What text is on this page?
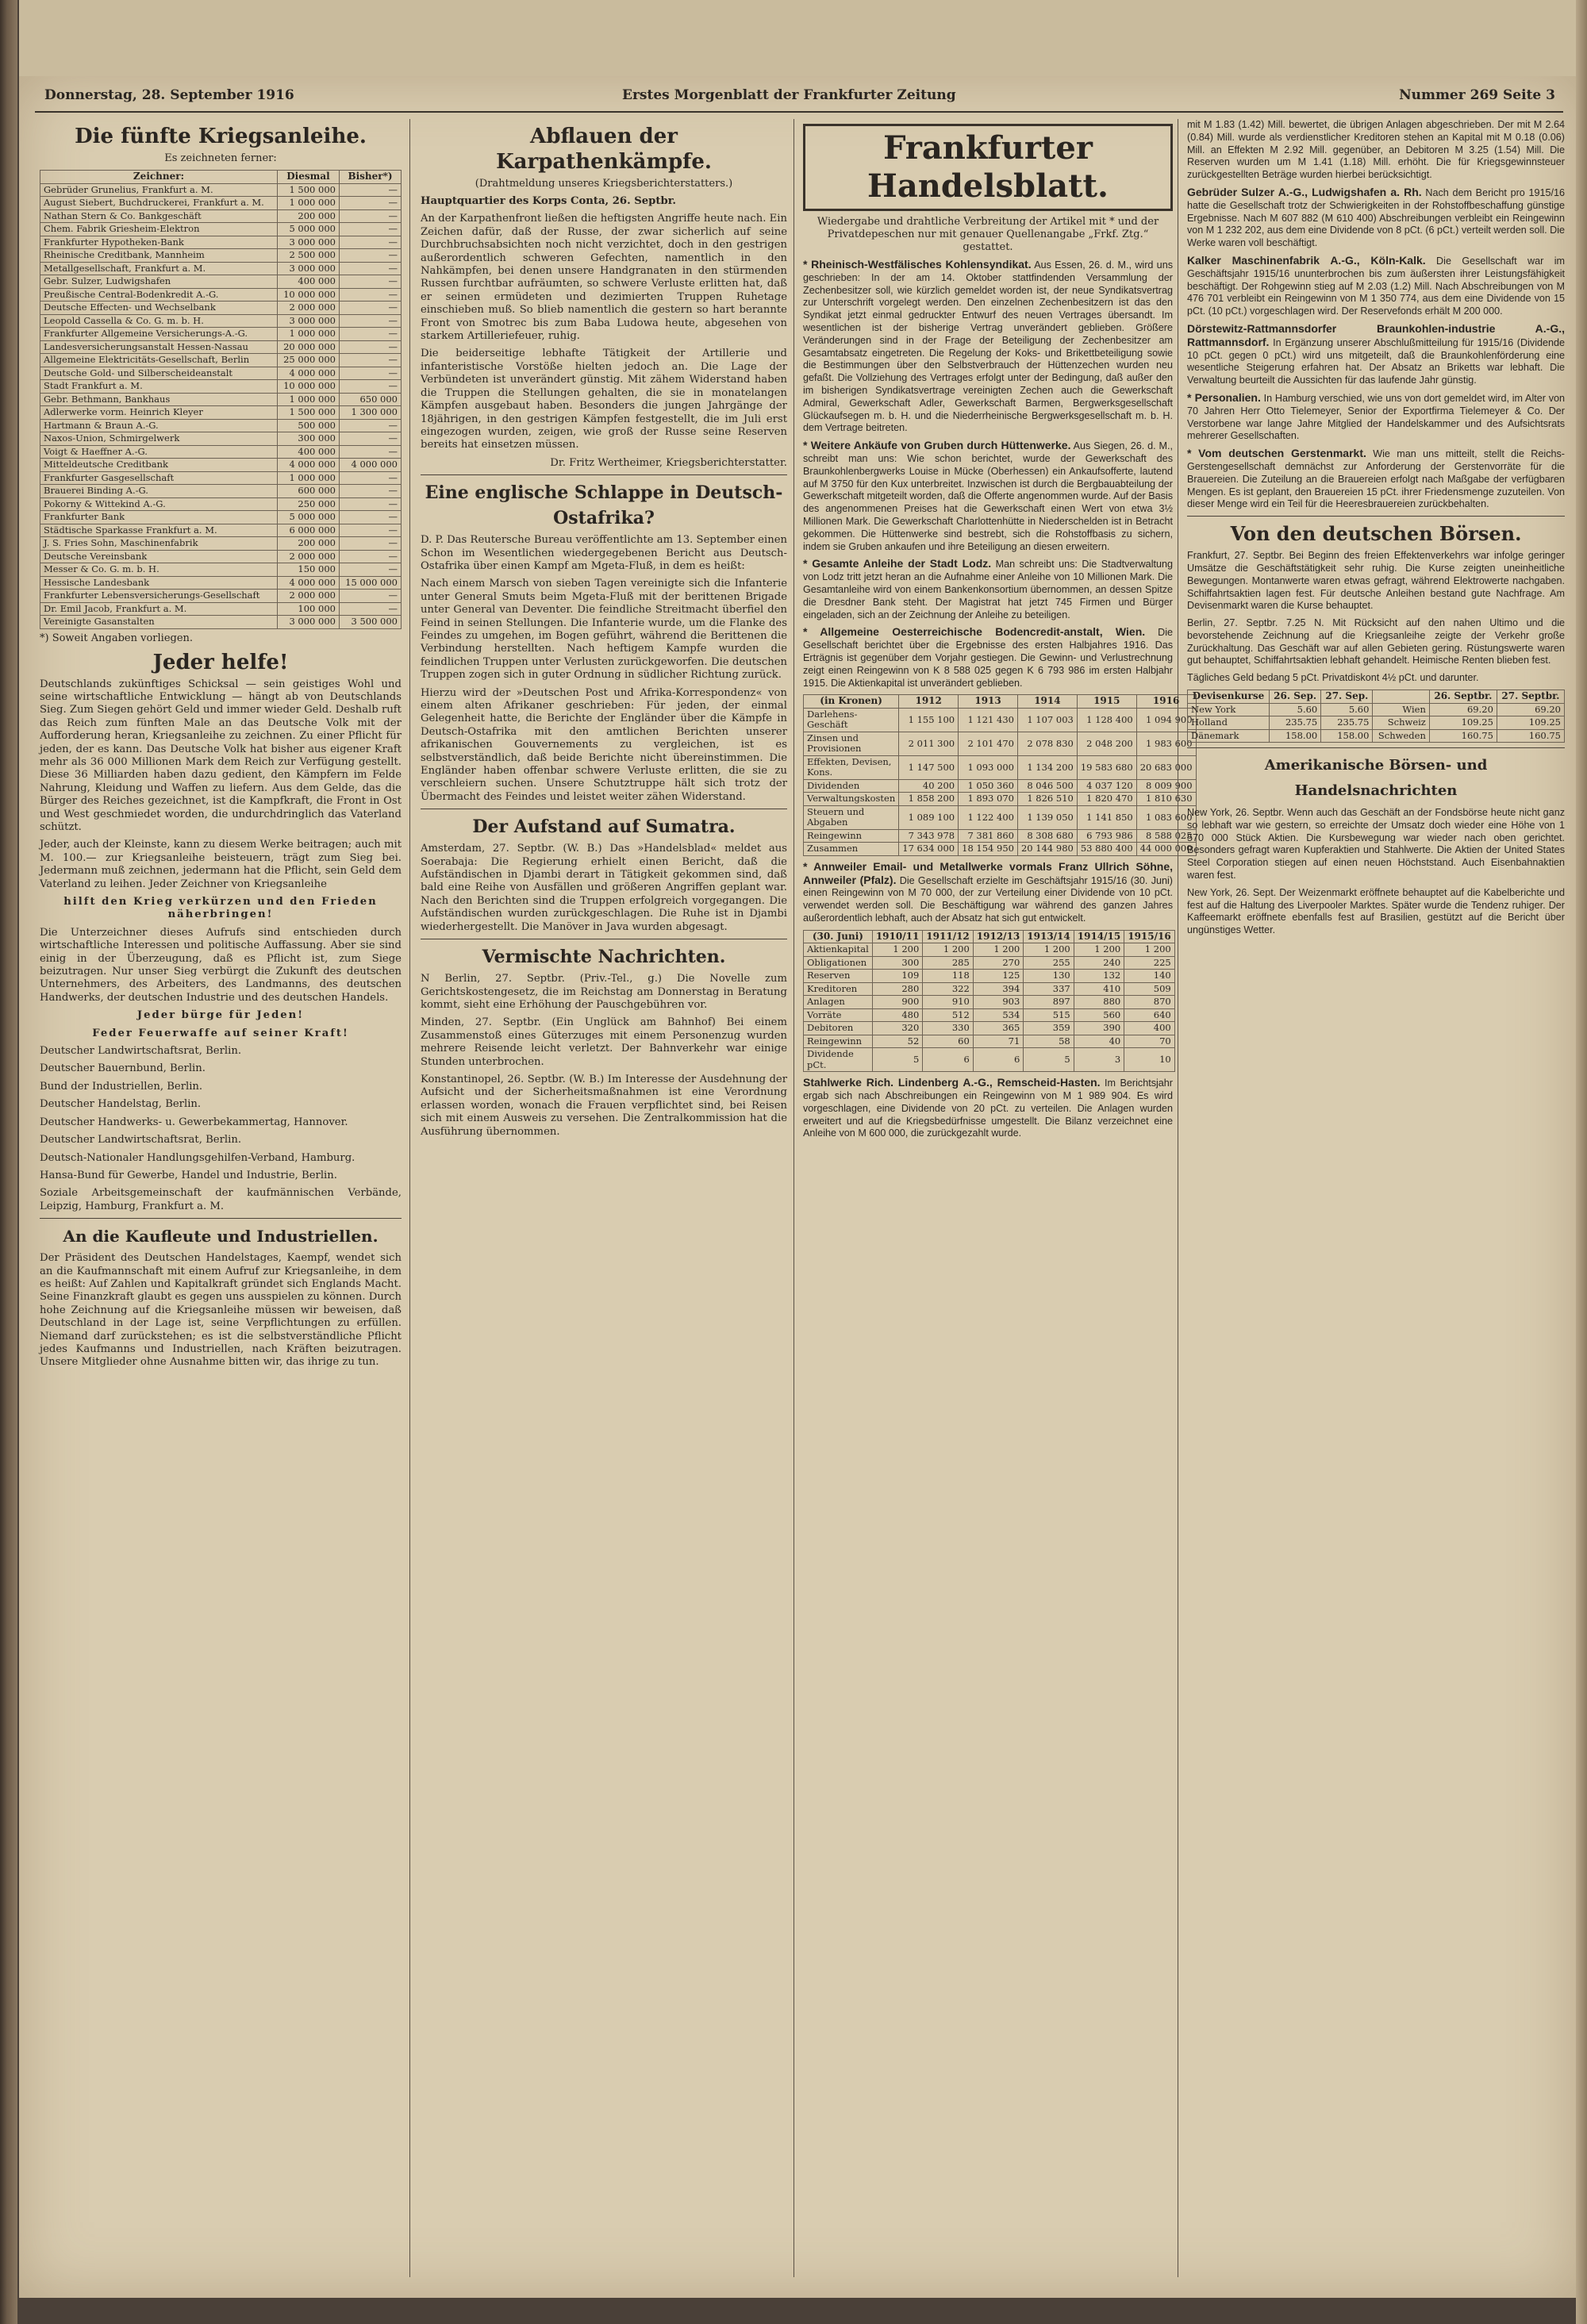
Donnerstag, 28. September 1916	Erstes Morgenblatt der Frankfurter Zeitung	Nummer 269 Seite 3
Die fünfte Kriegsanleihe.
Es zeichneten ferner:
Zeichner:	Diesmal	Bisher*)
Gebrüder Grunelius, Frankfurt a. M.	1 500 000	—
August Siebert, Buchdruckerei, Frankfurt a. M.	1 000 000	—
Nathan Stern & Co. Bankgeschäft	200 000	—
Chem. Fabrik Griesheim-Elektron	5 000 000	—
Frankfurter Hypotheken-Bank	3 000 000	—
Rheinische Creditbank, Mannheim	2 500 000	—
Metallgesellschaft, Frankfurt a. M.	3 000 000	—
Gebr. Sulzer, Ludwigshafen	400 000	—
Preußische Central-Bodenkredit A.-G.	10 000 000	—
Deutsche Effecten- und Wechselbank	2 000 000	—
Leopold Cassella & Co. G. m. b. H.	3 000 000	—
Frankfurter Allgemeine Versicherungs-A.-G.	1 000 000	—
Landesversicherungsanstalt Hessen-Nassau	20 000 000	—
Allgemeine Elektricitäts-Gesellschaft, Berlin	25 000 000	—
Deutsche Gold- und Silberscheideanstalt	4 000 000	—
Stadt Frankfurt a. M.	10 000 000	—
Gebr. Bethmann, Bankhaus	1 000 000	650 000
Adlerwerke vorm. Heinrich Kleyer	1 500 000	1 300 000
Hartmann & Braun A.-G.	500 000	—
Naxos-Union, Schmirgelwerk	300 000	—
Voigt & Haeffner A.-G.	400 000	—
Mitteldeutsche Creditbank	4 000 000	4 000 000
Frankfurter Gasgesellschaft	1 000 000	—
Brauerei Binding A.-G.	600 000	—
Pokorny & Wittekind A.-G.	250 000	—
Frankfurter Bank	5 000 000	—
Städtische Sparkasse Frankfurt a. M.	6 000 000	—
J. S. Fries Sohn, Maschinenfabrik	200 000	—
Deutsche Vereinsbank	2 000 000	—
Messer & Co. G. m. b. H.	150 000	—
Hessische Landesbank	4 000 000	15 000 000
Frankfurter Lebensversicherungs-Gesellschaft	2 000 000	—
Dr. Emil Jacob, Frankfurt a. M.	100 000	—
Vereinigte Gasanstalten	3 000 000	3 500 000
*) Soweit Angaben vorliegen.
Jeder helfe!

Deutschlands zukünftiges Schicksal — sein geistiges Wohl und seine wirtschaftliche Entwicklung — hängt ab von Deutschlands Sieg. Zum Siegen gehört Geld und immer wieder Geld. Deshalb ruft das Reich zum fünften Male an das Deutsche Volk mit der Aufforderung heran, Kriegsanleihe zu zeichnen. Zu einer Pflicht für jeden, der es kann. Das Deutsche Volk hat bisher aus eigener Kraft mehr als 36 000 Millionen Mark dem Reich zur Verfügung gestellt. Diese 36 Milliarden haben dazu gedient, den Kämpfern im Felde Nahrung, Kleidung und Waffen zu liefern. Aus dem Gelde, das die Bürger des Reiches gezeichnet, ist die Kampfkraft, die Front in Ost und West geschmiedet worden, die undurchdringlich das Vaterland schützt.

Jeder, auch der Kleinste, kann zu diesem Werke beitragen; auch mit M. 100.— zur Kriegsanleihe beisteuern, trägt zum Sieg bei. Jedermann muß zeichnen, jedermann hat die Pflicht, sein Geld dem Vaterland zu leihen. Jeder Zeichner von Kriegsanleihe

hilft den Krieg verkürzen und den Frieden näherbringen!

Die Unterzeichner dieses Aufrufs sind entschieden durch wirtschaftliche Interessen und politische Auffassung. Aber sie sind einig in der Überzeugung, daß es Pflicht ist, zum Siege beizutragen. Nur unser Sieg verbürgt die Zukunft des deutschen Unternehmers, des Arbeiters, des Landmanns, des deutschen Handwerks, der deutschen Industrie und des deutschen Handels.

Jeder bürge für Jeden!

Feder Feuerwaffe auf seiner Kraft!

Deutscher Landwirtschaftsrat, Berlin.
Deutscher Bauernbund, Berlin.
Bund der Industriellen, Berlin.
Deutscher Handelstag, Berlin.
Deutscher Handwerks- u. Gewerbekammertag, Hannover.
Deutscher Landwirtschaftsrat, Berlin.
Deutsch-Nationaler Handlungsgehilfen-Verband, Hamburg.
Hansa-Bund für Gewerbe, Handel und Industrie, Berlin.
Soziale Arbeitsgemeinschaft der kaufmännischen Verbände, Leipzig, Hamburg, Frankfurt a. M.
An die Kaufleute und Industriellen.

Der Präsident des Deutschen Handelstages, Kaempf, wendet sich an die Kaufmannschaft mit einem Aufruf zur Kriegsanleihe, in dem es heißt: Auf Zahlen und Kapitalkraft gründet sich Englands Macht. Seine Finanzkraft glaubt es gegen uns ausspielen zu können. Durch hohe Zeichnung auf die Kriegsanleihe müssen wir beweisen, daß Deutschland in der Lage ist, seine Verpflichtungen zu erfüllen. Niemand darf zurückstehen; es ist die selbstverständliche Pflicht jedes Kaufmanns und Industriellen, nach Kräften beizutragen. Unsere Mitglieder ohne Ausnahme bitten wir, das ihrige zu tun.

Abflauen der Karpathenkämpfe.
(Drahtmeldung unseres Kriegsberichterstatters.)

Hauptquartier des Korps Conta, 26. Septbr.

An der Karpathenfront ließen die heftigsten Angriffe heute nach. Ein Zeichen dafür, daß der Russe, der zwar sicherlich auf seine Durchbruchsabsichten noch nicht verzichtet, doch in den gestrigen außerordentlich schweren Gefechten, namentlich in den Nahkämpfen, bei denen unsere Handgranaten in den stürmenden Russen furchtbar aufräumten, so schwere Verluste erlitten hat, daß er seinen ermüdeten und dezimierten Truppen Ruhetage einschieben muß. So blieb namentlich die gestern so hart berannte Front von Smotrec bis zum Baba Ludowa heute, abgesehen von starkem Artilleriefeuer, ruhig.

Die beiderseitige lebhafte Tätigkeit der Artillerie und infanteristische Vorstöße hielten jedoch an. Die Lage der Verbündeten ist unverändert günstig. Mit zähem Widerstand haben die Truppen die Stellungen gehalten, die sie in monatelangen Kämpfen ausgebaut haben. Besonders die jungen Jahrgänge der 18jährigen, in den gestrigen Kämpfen festgestellt, die im Juli erst eingezogen wurden, zeigen, wie groß der Russe seine Reserven bereits hat einsetzen müssen.

Dr. Fritz Wertheimer, Kriegsberichterstatter.

Eine englische Schlappe in Deutsch-Ostafrika?

D. P. Das Reutersche Bureau veröffentlichte am 13. September einen Schon im Wesentlichen wiedergegebenen Bericht aus Deutsch-Ostafrika über einen Kampf am Mgeta-Fluß, in dem es heißt:

Nach einem Marsch von sieben Tagen vereinigte sich die Infanterie unter General Smuts beim Mgeta-Fluß mit der berittenen Brigade unter General van Deventer. Die feindliche Streitmacht überfiel den Feind in seinen Stellungen. Die Infanterie wurde, um die Flanke des Feindes zu umgehen, im Bogen geführt, während die Berittenen die Verbindung herstellten. Nach heftigem Kampfe wurden die feindlichen Truppen unter Verlusten zurückgeworfen. Die deutschen Truppen zogen sich in guter Ordnung in südlicher Richtung zurück.

Hierzu wird der »Deutschen Post und Afrika-Korrespondenz« von einem alten Afrikaner geschrieben: Für jeden, der einmal Gelegenheit hatte, die Berichte der Engländer über die Kämpfe in Deutsch-Ostafrika mit den amtlichen Berichten unserer afrikanischen Gouvernements zu vergleichen, ist es selbstverständlich, daß beide Berichte nicht übereinstimmen. Die Engländer haben offenbar schwere Verluste erlitten, die sie zu verschleiern suchen. Unsere Schutztruppe hält sich trotz der Übermacht des Feindes und leistet weiter zähen Widerstand.

Der Aufstand auf Sumatra.

Amsterdam, 27. Septbr. (W. B.) Das »Handelsblad« meldet aus Soerabaja: Die Regierung erhielt einen Bericht, daß die Aufständischen in Djambi derart in Tätigkeit gekommen sind, daß bald eine Reihe von Ausfällen und größeren Angriffen geplant war. Nach den Berichten sind die Truppen erfolgreich vorgegangen. Die Aufständischen wurden zurückgeschlagen. Die Ruhe ist in Djambi wiederhergestellt. Die Manöver in Java wurden abgesagt.

Vermischte Nachrichten.

N Berlin, 27. Septbr. (Priv.-Tel., g.) Die Novelle zum Gerichtskostengesetz, die im Reichstag am Donnerstag in Beratung kommt, sieht eine Erhöhung der Pauschgebühren vor.

Minden, 27. Septbr. (Ein Unglück am Bahnhof) Bei einem Zusammenstoß eines Güterzuges mit einem Personenzug wurden mehrere Reisende leicht verletzt. Der Bahnverkehr war einige Stunden unterbrochen.

Konstantinopel, 26. Septbr. (W. B.) Im Interesse der Ausdehnung der Aufsicht und der Sicherheitsmaßnahmen ist eine Verordnung erlassen worden, wonach die Frauen verpflichtet sind, bei Reisen sich mit einem Ausweis zu versehen. Die Zentralkommission hat die Ausführung übernommen.

Frankfurter Handelsblatt.
Wiedergabe und drahtliche Verbreitung der Artikel mit * und der Privatdepeschen nur mit genauer Quellenangabe „Frkf. Ztg.“ gestattet.

* Rheinisch-Westfälisches Kohlensyndikat. Aus Essen, 26. d. M., wird uns geschrieben: In der am 14. Oktober stattfindenden Versammlung der Zechenbesitzer soll, wie kürzlich gemeldet worden ist, der neue Syndikatsvertrag zur Unterschrift vorgelegt werden. Den einzelnen Zechenbesitzern ist das den Syndikat jetzt einmal gedruckter Entwurf des neuen Vertrages übersandt. Im wesentlichen ist der bisherige Vertrag unverändert geblieben. Größere Veränderungen sind in der Frage der Beteiligung der Zechenbesitzer am Gesamtabsatz eingetreten. Die Regelung der Koks- und Brikettbeteiligung sowie die Bestimmungen über den Selbstverbrauch der Hüttenzechen wurden neu gefaßt. Die Vollziehung des Vertrages erfolgt unter der Bedingung, daß außer den im bisherigen Syndikatsvertrage vereinigten Zechen auch die Gewerkschaft Admiral, Gewerkschaft Adler, Gewerkschaft Barmen, Bergwerksgesellschaft Glückaufsegen m. b. H. und die Niederrheinische Bergwerksgesellschaft m. b. H. dem Vertrage beitreten.

* Weitere Ankäufe von Gruben durch Hüttenwerke. Aus Siegen, 26. d. M., schreibt man uns: Wie schon berichtet, wurde der Gewerkschaft des Braunkohlenbergwerks Louise in Mücke (Oberhessen) ein Ankaufsofferte, lautend auf M 3750 für den Kux unterbreitet. Inzwischen ist durch die Bergbauabteilung der Gewerkschaft mitgeteilt worden, daß die Offerte angenommen wurde. Auf der Basis des angenommenen Preises hat die Gewerkschaft einen Wert von etwa 3½ Millionen Mark. Die Gewerkschaft Charlottenhütte in Niederschelden ist in Betracht gekommen. Die Hüttenwerke sind bestrebt, sich die Rohstoffbasis zu sichern, indem sie Gruben ankaufen und ihre Beteiligung an diesen erweitern.

* Gesamte Anleihe der Stadt Lodz. Man schreibt uns: Die Stadtverwaltung von Lodz tritt jetzt heran an die Aufnahme einer Anleihe von 10 Millionen Mark. Die Gesamtanleihe wird von einem Bankenkonsortium übernommen, an dessen Spitze die Dresdner Bank steht. Der Magistrat hat jetzt 745 Firmen und Bürger eingeladen, sich an der Zeichnung der Anleihe zu beteiligen.

* Allgemeine Oesterreichische Bodencredit-anstalt, Wien. Die Gesellschaft berichtet über die Ergebnisse des ersten Halbjahres 1916. Das Erträgnis ist gegenüber dem Vorjahr gestiegen. Die Gewinn- und Verlustrechnung zeigt einen Reingewinn von K 8 588 025 gegen K 6 793 986 im ersten Halbjahr 1915. Die Aktienkapital ist unverändert geblieben.

(in Kronen)	1912	1913	1914	1915	1916
Darlehens-Geschäft	1 155 100	1 121 430	1 107 003	1 128 400	1 094 900
Zinsen und Provisionen	2 011 300	2 101 470	2 078 830	2 048 200	1 983 600
Effekten, Devisen, Kons.	1 147 500	1 093 000	1 134 200	19 583 680	20 683 000
Dividenden	40 200	1 050 360	8 046 500	4 037 120	8 009 900
Verwaltungskosten	1 858 200	1 893 070	1 826 510	1 820 470	1 810 630
Steuern und Abgaben	1 089 100	1 122 400	1 139 050	1 141 850	1 083 600
Reingewinn	7 343 978	7 381 860	8 308 680	6 793 986	8 588 025
Zusammen	17 634 000	18 154 950	20 144 980	53 880 400	44 000 000

* Annweiler Email- und Metallwerke vormals Franz Ullrich Söhne, Annweiler (Pfalz). Die Gesellschaft erzielte im Geschäftsjahr 1915/16 (30. Juni) einen Reingewinn von M 70 000, der zur Verteilung einer Dividende von 10 pCt. verwendet werden soll. Die Beschäftigung war während des ganzen Jahres außerordentlich lebhaft, auch der Absatz hat sich gut entwickelt.

(30. Juni)	1910/11	1911/12	1912/13	1913/14	1914/15	1915/16
Aktienkapital	1 200	1 200	1 200	1 200	1 200	1 200
Obligationen	300	285	270	255	240	225
Reserven	109	118	125	130	132	140
Kreditoren	280	322	394	337	410	509
Anlagen	900	910	903	897	880	870
Vorräte	480	512	534	515	560	640
Debitoren	320	330	365	359	390	400
Reingewinn	52	60	71	58	40	70
Dividende pCt.	5	6	6	5	3	10

Stahlwerke Rich. Lindenberg A.-G., Remscheid-Hasten. Im Berichtsjahr ergab sich nach Abschreibungen ein Reingewinn von M 1 989 904. Es wird vorgeschlagen, eine Dividende von 20 pCt. zu verteilen. Die Anlagen wurden erweitert und auf die Kriegsbedürfnisse umgestellt. Die Bilanz verzeichnet eine Anleihe von M 600 000, die zurückgezahlt wurde.

mit M 1.83 (1.42) Mill. bewertet, die übrigen Anlagen abgeschrieben. Der mit M 2.64 (0.84) Mill. wurde als verdienstlicher Kreditoren stehen an Kapital mit M 0.18 (0.06) Mill. an Effekten M 2.92 Mill. gegenüber, an Debitoren M 3.25 (1.54) Mill. Die Reserven wurden um M 1.41 (1.18) Mill. erhöht. Die für Kriegsgewinnsteuer zurückgestellten Beträge wurden hierbei berücksichtigt.

Gebrüder Sulzer A.-G., Ludwigshafen a. Rh. Nach dem Bericht pro 1915/16 hatte die Gesellschaft trotz der Schwierigkeiten in der Rohstoffbeschaffung günstige Ergebnisse. Nach M 607 882 (M 610 400) Abschreibungen verbleibt ein Reingewinn von M 1 232 202, aus dem eine Dividende von 8 pCt. (6 pCt.) verteilt werden soll. Die Werke waren voll beschäftigt.

Kalker Maschinenfabrik A.-G., Köln-Kalk. Die Gesellschaft war im Geschäftsjahr 1915/16 ununterbrochen bis zum äußersten ihrer Leistungsfähigkeit beschäftigt. Der Rohgewinn stieg auf M 2.03 (1.2) Mill. Nach Abschreibungen von M 476 701 verbleibt ein Reingewinn von M 1 350 774, aus dem eine Dividende von 15 pCt. (10 pCt.) vorgeschlagen wird. Der Reservefonds erhält M 200 000.

Dörstewitz-Rattmannsdorfer Braunkohlen-industrie A.-G., Rattmannsdorf. In Ergänzung unserer Abschlußmitteilung für 1915/16 (Dividende 10 pCt. gegen 0 pCt.) wird uns mitgeteilt, daß die Braunkohlenförderung eine wesentliche Steigerung erfahren hat. Der Absatz an Briketts war lebhaft. Die Verwaltung beurteilt die Aussichten für das laufende Jahr günstig.

* Personalien. In Hamburg verschied, wie uns von dort gemeldet wird, im Alter von 70 Jahren Herr Otto Tielemeyer, Senior der Exportfirma Tielemeyer & Co. Der Verstorbene war lange Jahre Mitglied der Handelskammer und des Aufsichtsrats mehrerer Gesellschaften.

* Vom deutschen Gerstenmarkt. Wie man uns mitteilt, stellt die Reichs-Gerstengesellschaft demnächst zur Anforderung der Gerstenvorräte für die Brauereien. Die Zuteilung an die Brauereien erfolgt nach Maßgabe der verfügbaren Mengen. Es ist geplant, den Brauereien 15 pCt. ihrer Friedensmenge zuzuteilen. Von dieser Menge wird ein Teil für die Heeresbrauereien zurückbehalten.

Von den deutschen Börsen.

Frankfurt, 27. Septbr. Bei Beginn des freien Effektenverkehrs war infolge geringer Umsätze die Geschäftstätigkeit sehr ruhig. Die Kurse zeigten uneinheitliche Bewegungen. Montanwerte waren etwas gefragt, während Elektrowerte nachgaben. Schiffahrtsaktien lagen fest. Für deutsche Anleihen bestand gute Nachfrage. Am Devisenmarkt waren die Kurse behauptet.

Berlin, 27. Septbr. 7.25 N. Mit Rücksicht auf den nahen Ultimo und die bevorstehende Zeichnung auf die Kriegsanleihe zeigte der Verkehr große Zurückhaltung. Das Geschäft war auf allen Gebieten gering. Rüstungswerte waren gut behauptet, Schiffahrtsaktien lebhaft gehandelt. Heimische Renten blieben fest.

Tägliches Geld bedang 5 pCt. Privatdiskont 4½ pCt. und darunter.

Devisenkurse	26. Sep.	27. Sep.		26. Septbr.	27. Septbr.
New York	5.60	5.60	Wien	69.20	69.20
Holland	235.75	235.75	Schweiz	109.25	109.25
Dänemark	158.00	158.00	Schweden	160.75	160.75
Amerikanische Börsen- und Handelsnachrichten

New York, 26. Septbr. Wenn auch das Geschäft an der Fondsbörse heute nicht ganz so lebhaft war wie gestern, so erreichte der Umsatz doch wieder eine Höhe von 1 570 000 Stück Aktien. Die Kursbewegung war wieder nach oben gerichtet. Besonders gefragt waren Kupferaktien und Stahlwerte. Die Aktien der United States Steel Corporation stiegen auf einen neuen Höchststand. Auch Eisenbahnaktien waren fest.

New York, 26. Sept. Der Weizenmarkt eröffnete behauptet auf die Kabelberichte und fest auf die Haltung des Liverpooler Marktes. Später wurde die Tendenz ruhiger. Der Kaffeemarkt eröffnete ebenfalls fest auf Brasilien, gestützt auf die Bericht über ungünstiges Wetter.
